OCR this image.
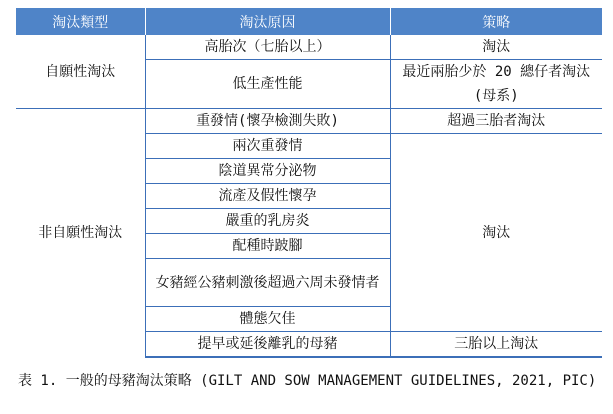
淘汰類型	淘汰原因	策略
自願性淘汰	高胎次（七胎以上）	淘汰
	低生產性能	最近兩胎少於 20 總仔者淘汰(母系)
非自願性淘汰	重發情(懷孕檢測失敗)	超過三胎者淘汰
	兩次重發情	淘汰
	陰道異常分泌物	
	流產及假性懷孕	
	嚴重的乳房炎	
	配種時跛腳	
	女豬經公豬刺激後超過六周未發情者	
	體態欠佳	
	提早或延後離乳的母豬	三胎以上淘汰
表 1. 一般的母豬淘汰策略 (GILT AND SOW MANAGEMENT GUIDELINES, 2021, PIC)
